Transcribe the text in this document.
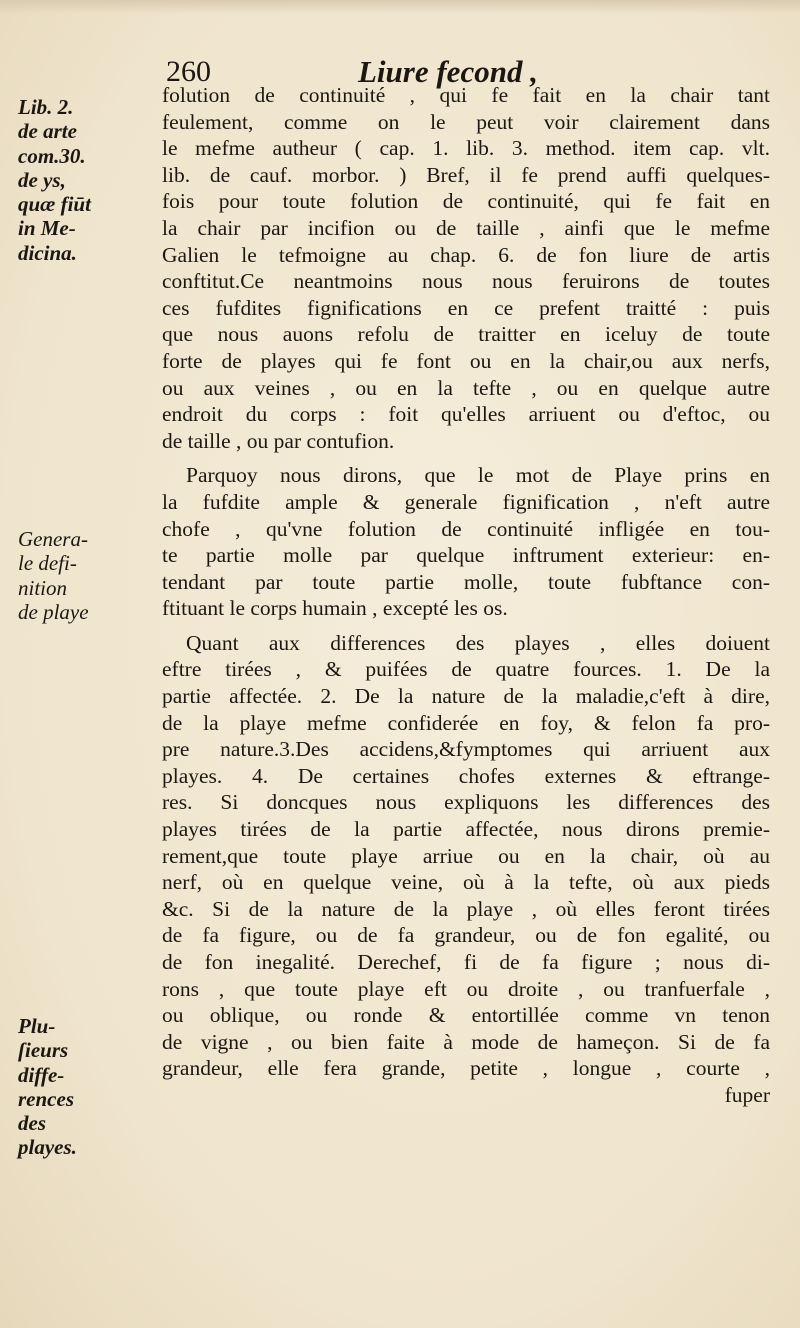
260	Liure fecond ,
Lib. 2.
de arte
com.30.
de ys,
quæ fiūt
in Me-
dicina.
Genera-
le defi-
nition
de playe
Plu-
ſieurs
diffe-
rences
des
playes.
folution de continuité , qui fe fait en la chair tant
feulement, comme on le peut voir clairement dans
le mefme autheur ( cap. 1. lib. 3. method. item cap. vlt.
lib. de cauf. morbor. ) Bref, il fe prend auffi quelques-
fois pour toute folution de continuité, qui fe fait en
la chair par incifion ou de taille , ainfi que le mefme
Galien le tefmoigne au chap. 6. de fon liure de artis
conftitut.Ce neantmoins nous nous feruirons de toutes
ces fufdites fignifications en ce prefent traitté : puis
que nous auons refolu de traitter en iceluy de toute
forte de playes qui fe font ou en la chair,ou aux nerfs,
ou aux veines , ou en la tefte , ou en quelque autre
endroit du corps : foit qu'elles arriuent ou d'eftoc, ou
de taille , ou par contufion.
Parquoy nous dirons, que le mot de Playe prins en
la fufdite ample & generale fignification , n'eft autre
chofe , qu'vne folution de continuité infligée en tou-
te partie molle par quelque inftrument exterieur: en-
tendant par toute partie molle, toute fubftance con-
ftituant le corps humain , excepté les os.
Quant aux differences des playes , elles doiuent
eftre tirées , & puifées de quatre fources. 1. De la
partie affectée. 2. De la nature de la maladie,c'eft à dire,
de la playe mefme confiderée en foy, & felon fa pro-
pre nature.3.Des accidens,&fymptomes qui arriuent aux
playes. 4. De certaines chofes externes & eftrange-
res. Si doncques nous expliquons les differences des
playes tirées de la partie affectée, nous dirons premie-
rement,que toute playe arriue ou en la chair, où au
nerf, où en quelque veine, où à la tefte, où aux pieds
&c. Si de la nature de la playe , où elles feront tirées
de fa figure, ou de fa grandeur, ou de fon egalité, ou
de fon inegalité. Derechef, fi de fa figure ; nous di-
rons , que toute playe eft ou droite , ou tranfuerfale ,
ou oblique, ou ronde & entortillée comme vn tenon
de vigne , ou bien faite à mode de hameçon. Si de fa
grandeur, elle fera grande, petite , longue , courte ,
fuper
